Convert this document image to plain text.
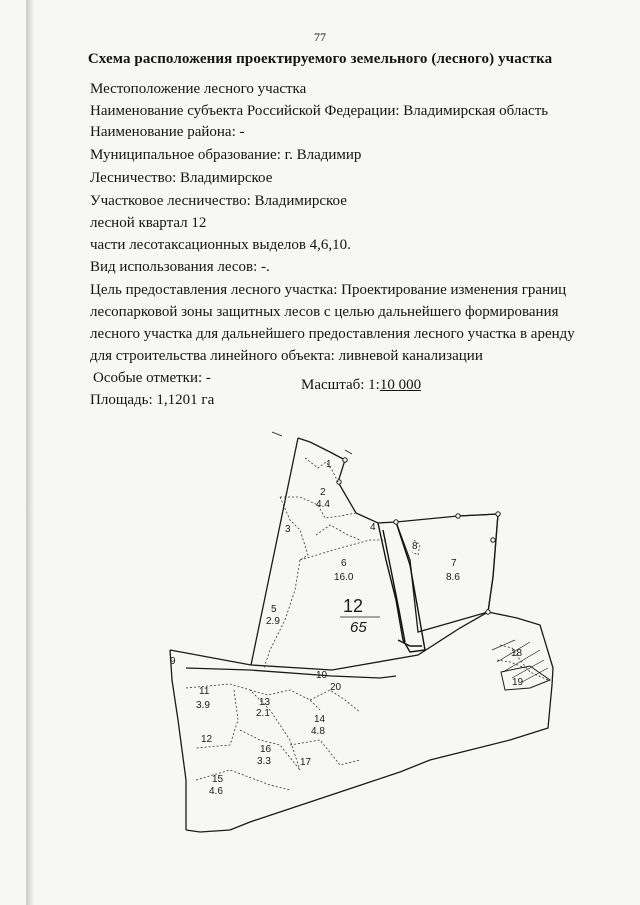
77
Схема расположения проектируемого земельного (лесного) участка
Местоположение лесного участка
Наименование субъекта Российской Федерации: Владимирская область
Наименование района: -
Муниципальное образование: г. Владимир
Лесничество: Владимирское
Участковое лесничество: Владимирское
лесной квартал 12
части лесотаксационных выделов 4,6,10.
Вид использования лесов: -.
Цель предоставления лесного участка: Проектирование изменения границ
лесопарковой зоны защитных лесов с целью дальнейшего формирования
лесного участка для дальнейшего предоставления лесного участка в аренду
для строительства линейного объекта: ливневой канализации
Особые отметки: -
Площадь: 1,1201 га
Масштаб: 1:10 000
12
65
1
2
4.4
3	4
5
2.9
6
16.0
7
8.6
8
9
10
11
3.9
12
13
2.1
14
4.8
15
4.6
16
3.3	17
18
19
20
